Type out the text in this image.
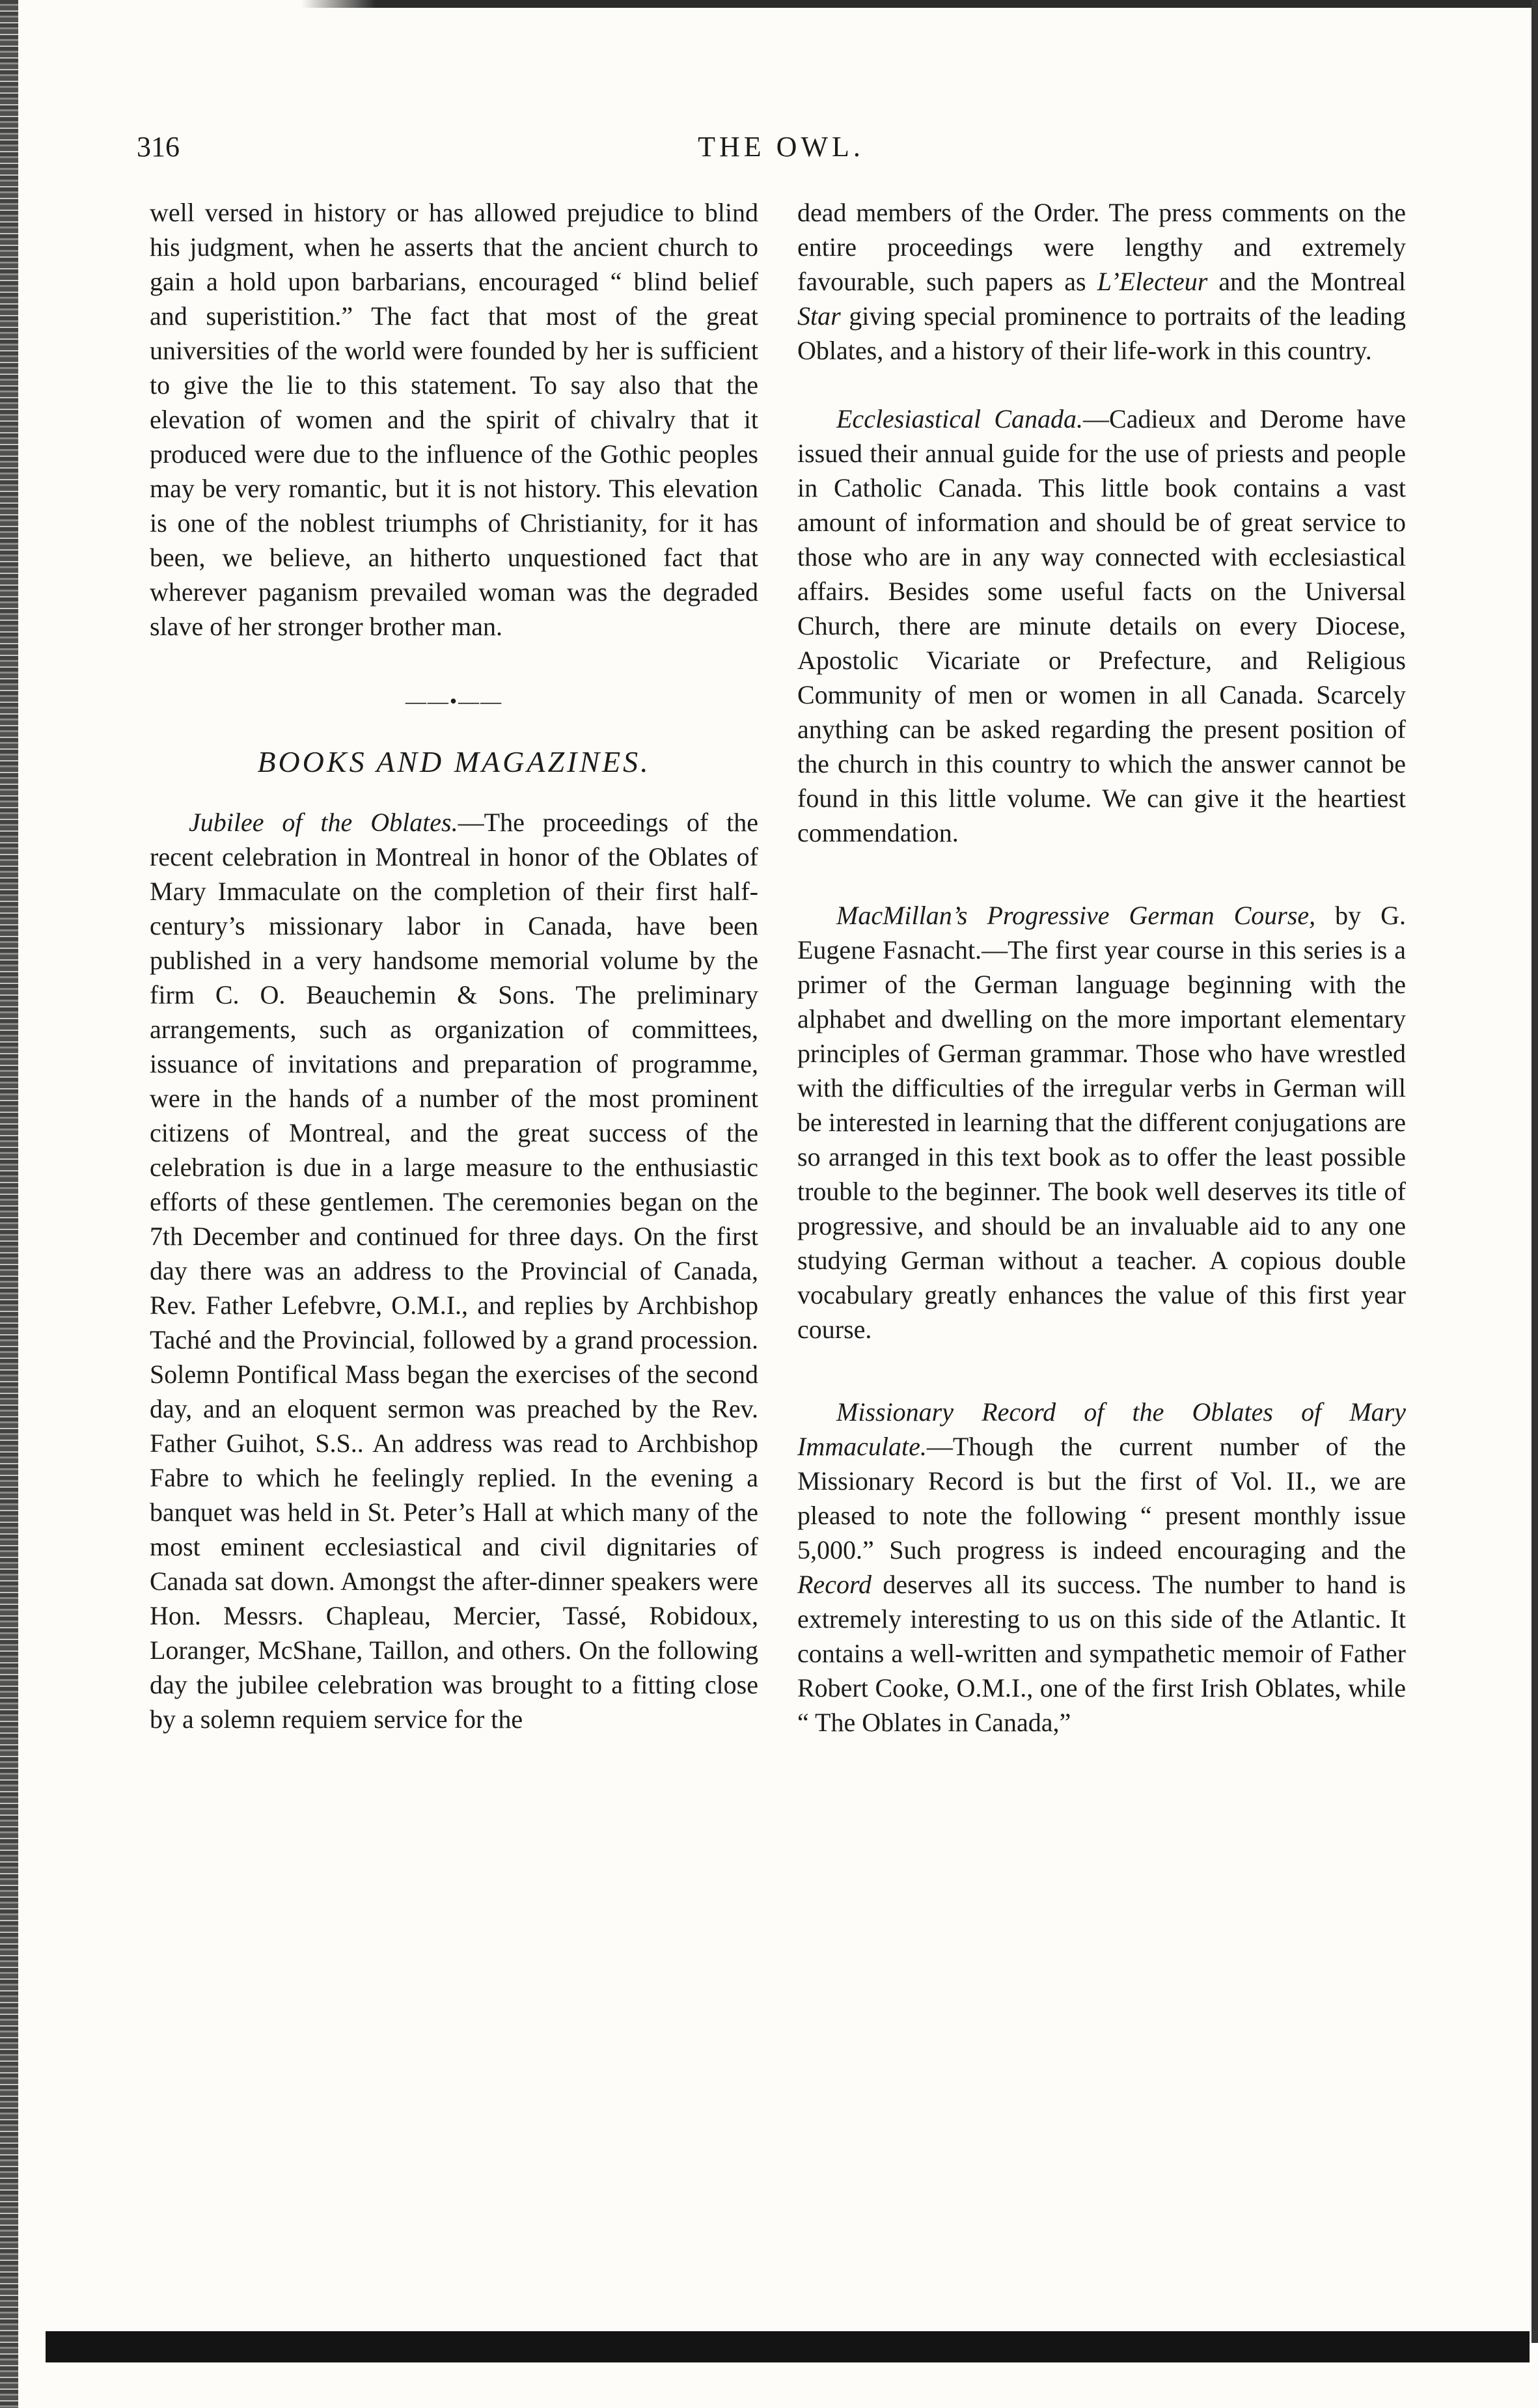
316	THE OWL.

well versed in history or has allowed prejudice to blind his judgment, when he asserts that the ancient church to gain a hold upon barbarians, encouraged “ blind belief and superistition.” The fact that most of the great universities of the world were founded by her is sufficient to give the lie to this statement. To say also that the elevation of women and the spirit of chivalry that it produced were due to the influence of the Gothic peoples may be very romantic, but it is not history. This elevation is one of the noblest triumphs of Christianity, for it has been, we believe, an hitherto unquestioned fact that wherever paganism prevailed woman was the degraded slave of her stronger brother man.

——•——
BOOKS AND MAGAZINES.

Jubilee of the Oblates.—The proceedings of the recent celebration in Montreal in honor of the Oblates of Mary Immaculate on the completion of their first half-century’s missionary labor in Canada, have been published in a very handsome memorial volume by the firm C. O. Beauchemin & Sons. The preliminary arrangements, such as organization of committees, issuance of invitations and preparation of programme, were in the hands of a number of the most prominent citizens of Montreal, and the great success of the celebration is due in a large measure to the enthusiastic efforts of these gentlemen. The ceremonies began on the 7th December and continued for three days. On the first day there was an address to the Provincial of Canada, Rev. Father Lefebvre, O.M.I., and replies by Archbishop Taché and the Provincial, followed by a grand procession. Solemn Pontifical Mass began the exercises of the second day, and an eloquent sermon was preached by the Rev. Father Guihot, S.S.. An address was read to Archbishop Fabre to which he feelingly replied. In the evening a banquet was held in St. Peter’s Hall at which many of the most eminent ecclesiastical and civil dignitaries of Canada sat down. Amongst the after-dinner speakers were Hon. Messrs. Chapleau, Mercier, Tassé, Robidoux, Loranger, McShane, Taillon, and others. On the following day the jubilee celebration was brought to a fitting close by a solemn requiem service for the

dead members of the Order. The press comments on the entire proceedings were lengthy and extremely favourable, such papers as L’Electeur and the Montreal Star giving special prominence to portraits of the leading Oblates, and a history of their life-work in this country.

Ecclesiastical Canada.—Cadieux and Derome have issued their annual guide for the use of priests and people in Catholic Canada. This little book contains a vast amount of information and should be of great service to those who are in any way connected with ecclesiastical affairs. Besides some useful facts on the Universal Church, there are minute details on every Diocese, Apostolic Vicariate or Prefecture, and Religious Community of men or women in all Canada. Scarcely anything can be asked regarding the present position of the church in this country to which the answer cannot be found in this little volume. We can give it the heartiest commendation.

MacMillan’s Progressive German Course, by G. Eugene Fasnacht.—The first year course in this series is a primer of the German language beginning with the alphabet and dwelling on the more important elementary principles of German grammar. Those who have wrestled with the difficulties of the irregular verbs in German will be interested in learning that the different conjugations are so arranged in this text book as to offer the least possible trouble to the beginner. The book well deserves its title of progressive, and should be an invaluable aid to any one studying German without a teacher. A copious double vocabulary greatly enhances the value of this first year course.

Missionary Record of the Oblates of Mary Immaculate.—Though the current number of the Missionary Record is but the first of Vol. II., we are pleased to note the following “ present monthly issue 5,000.” Such progress is indeed encouraging and the Record deserves all its success. The number to hand is extremely interesting to us on this side of the Atlantic. It contains a well-written and sympathetic memoir of Father Robert Cooke, O.M.I., one of the first Irish Oblates, while “ The Oblates in Canada,”
